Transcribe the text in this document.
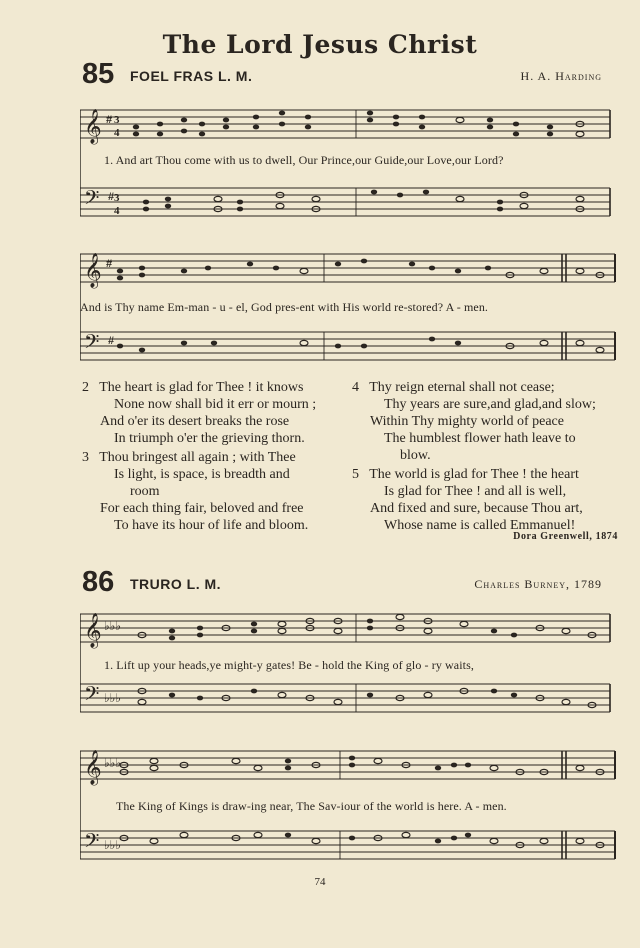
The Lord Jesus Christ
85 FOEL FRAS L. M.	H. A. Harding
𝄞
𝄢
#
#
3
4
3
4
1. And art Thou come with us to dwell, Our Prince,our Guide,our Love,our Lord?
𝄞
𝄢
#
#
And is Thy name Em-man - u - el, God pres-ent with His world re-stored? A - men.
2 The heart is glad for Thee ! it knows
None now shall bid it err or mourn ;
And o'er its desert breaks the rose
In triumph o'er the grieving thorn.
3 Thou bringest all again ; with Thee
Is light, is space, is breadth and
room
For each thing fair, beloved and free
To have its hour of life and bloom.
4 Thy reign eternal shall not cease;
Thy years are sure,and glad,and slow;
Within Thy mighty world of peace
The humblest flower hath leave to
blow.
5 The world is glad for Thee ! the heart
Is glad for Thee ! and all is well,
And fixed and sure, because Thou art,
Whose name is called Emmanuel!
Dora Greenwell, 1874
86 TRURO L. M.	Charles Burney, 1789
𝄞
𝄢
♭♭♭
♭♭♭
1. Lift up your heads,ye might-y gates! Be - hold the King of glo - ry waits,
𝄞
𝄢
♭♭♭
♭♭♭
The King of Kings is draw-ing near, The Sav-iour of the world is here. A - men.
74
